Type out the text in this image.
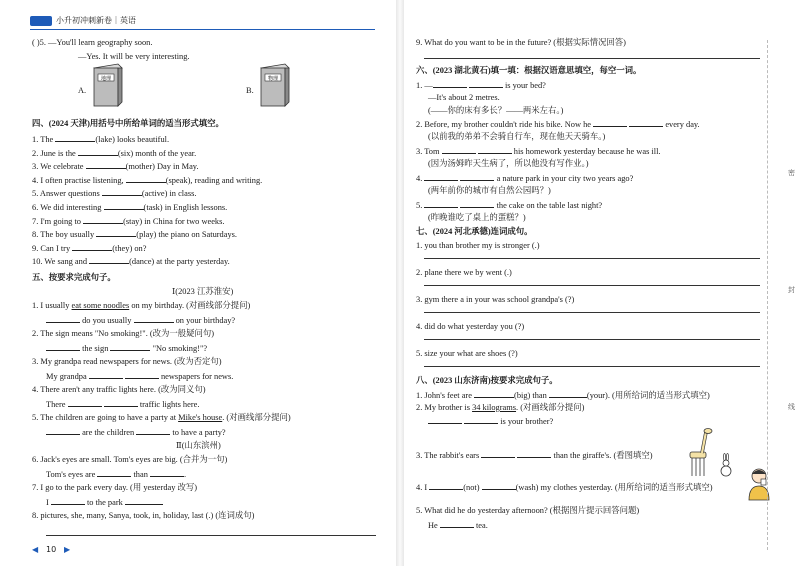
小升初冲刺新卷｜英语
( )5. —You'll learn geography soon.
—Yes. It will be very interesting.
A.
地理
B.
物理
四、(2024 天津)用括号中所给单词的适当形式填空。
1. The	(lake) looks beautiful.
2. June is the	(six) month of the year.
3. We celebrate	(mother) Day in May.
4. I often practise listening,	(speak), reading and writing.
5. Answer questions	(active) in class.
6. We did interesting	(task) in English lessons.
7. I'm going to	(stay) in China for two weeks.
8. The boy usually	(play) the piano on Saturdays.
9. Can I try	(they) on?
10. We sang and	(dance) at the party yesterday.
五、按要求完成句子。
Ⅰ(2023 江苏淮安)
1. I usually eat some noodles on my birthday. (对画线部分提问)
do you usually	on your birthday?
2. The sign means "No smoking!". (改为一般疑问句)
the sign	"No smoking!"?
3. My grandpa read newspapers for news. (改为否定句)
My grandpa	newspapers for news.
4. There aren't any traffic lights here. (改为同义句)
There	traffic lights here.
5. The children are going to have a party at Mike's house. (对画线部分提问)
are the children	to have a party?
Ⅱ(山东滨州)
6. Jack's eyes are small. Tom's eyes are big. (合并为一句)
Tom's eyes are	than	.
7. I go to the park every day. (用 yesterday 改写)
I	to the park
8. pictures, she, many, Sanya, took, in, holiday, last (.) (连词成句)
◀ 10 ▶
9. What do you want to be in the future? (根据实际情况回答)
六、(2023 湖北黄石)填一填：根据汉语意思填空，每空一词。
1. —	is your bed?
—It's about 2 metres.
(——你的床有多长？——两米左右。)
2. Before, my brother couldn't ride his bike. Now he	every day.
(以前我的弟弟不会骑自行车，现在他天天骑车。)
3. Tom	his homework yesterday because he was ill.
(因为汤姆昨天生病了，所以他没有写作业。)
4.	a nature park in your city two years ago?
(两年前你的城市有自然公园吗？)
5.	the cake on the table last night?
(昨晚谁吃了桌上的蛋糕？)
七、(2024 河北承德)连词成句。
1. you than brother my is stronger (.)
2. plane there we by went (.)
3. gym there a in your was school grandpa's (?)
4. did do what yesterday you (?)
5. size your what are shoes (?)
八、(2023 山东济南)按要求完成句子。
1. John's feet are	(big) than	(your). (用所给词的适当形式填空)
2. My brother is 34 kilograms. (对画线部分提问)
is your brother?
3. The rabbit's ears	than the giraffe's. (看图填空)
4. I	(not)	(wash) my clothes yesterday. (用所给词的适当形式填空)
5. What did he do yesterday afternoon? (根据图片提示回答问题)
He	tea.
密
封
线
